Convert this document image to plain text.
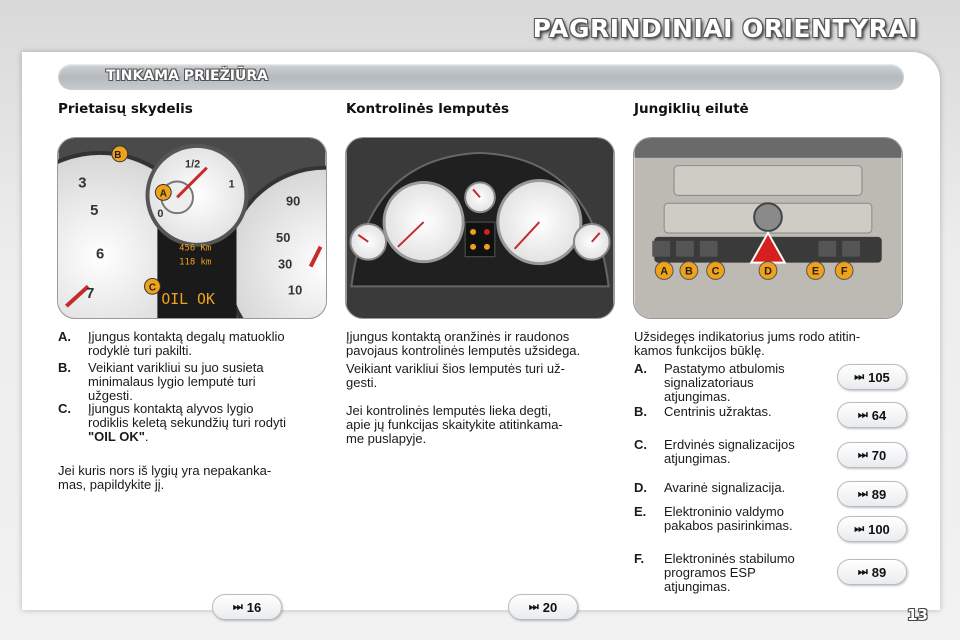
PAGRINDINIAI ORIENTYRAI
TINKAMA PRIEŽIŪRA
Prietaisų skydelis	Kontrolinės lemputės	Jungiklių eilutė
3
5
6
7
90
50
30
10
B
A
C
1/2
0
1
456 Km
118 km
OIL OK
A B C	D	E F
A. Įjungus kontaktą degalų matuoklio
rodyklė turi pakilti.
B. Veikiant varikliui su juo susieta
minimalaus lygio lemputė turi
užgesti.
C. Įjungus kontaktą alyvos lygio
rodiklis keletą sekundžių turi rodyti
"OIL OK".
Jei kuris nors iš lygių yra nepakanka-
mas, papildykite jį.
Įjungus kontaktą oranžinės ir raudonos
pavojaus kontrolinės lemputės užsidega.
Veikiant varikliui šios lemputės turi už-
gesti.
Jei kontrolinės lemputės lieka degti,
apie jų funkcijas skaitykite atitinkama-
me puslapyje.
Užsidegęs indikatorius jums rodo atitin-
kamos funkcijos būklę.
A. Pastatymo atbulomis
signalizatoriaus
atjungimas.
⏭ 105
B. Centrinis užraktas.	⏭ 64
C. Erdvinės signalizacijos
atjungimas.	⏭ 70
D. Avarinė signalizacija.	⏭ 89
E. Elektroninio valdymo
pakabos pasirinkimas.	⏭ 100
F. Elektroninės stabilumo
programos ESP
atjungimas.
⏭ 89
⏭ 16	⏭ 20	13
